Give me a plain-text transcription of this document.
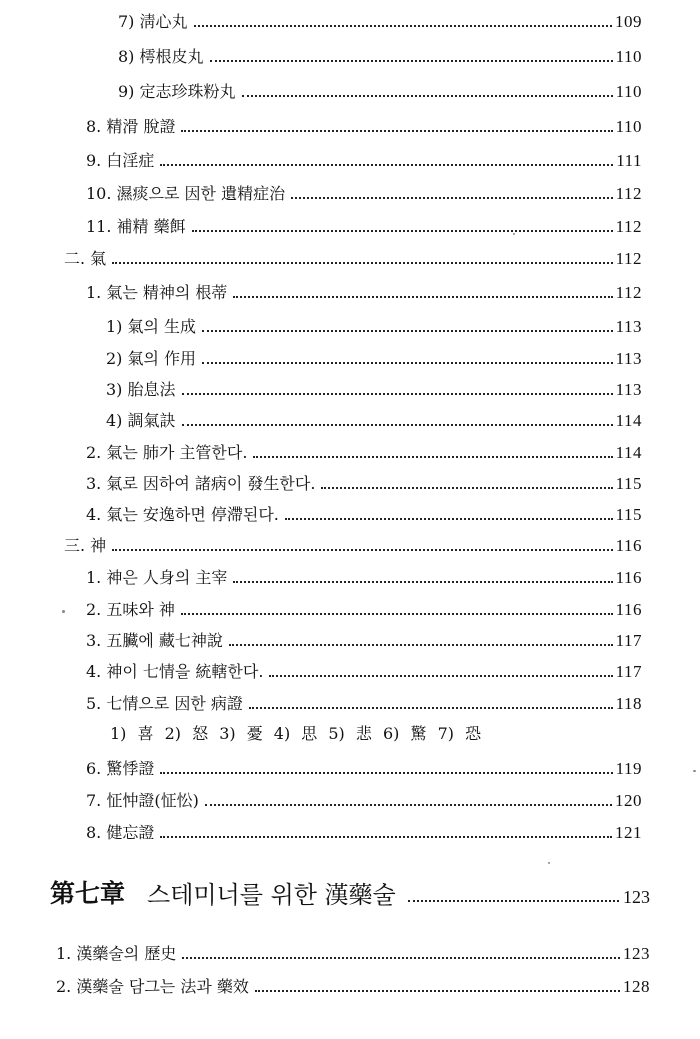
7) 淸心丸	109
8) 樗根皮丸	110
9) 定志珍珠粉丸	110
8. 精滑 脫證	110
9. 白淫症	111
10. 濕痰으로 因한 遺精症治	112
11. 補精 藥餌	112
二. 氣	112
1. 氣는 精神의 根蒂	112
1) 氣의 生成	113
2) 氣의 作用	113
3) 胎息法	113
4) 調氣訣	114
2. 氣는 肺가 主管한다.	114
3. 氣로 因하여 諸病이 發生한다.	115
4. 氣는 安逸하면 停滯된다.	115
三. 神	116
1. 神은 人身의 主宰	116
2. 五味와 神	116
3. 五臟에 藏七神說	117
4. 神이 七情을 統轄한다.	117
5. 七情으로 因한 病證	118
1) 喜 2) 怒 3) 憂 4) 思 5) 悲 6) 驚 7) 恐
6. 驚悸證	119
7. 怔忡證(怔忪)	120
8. 健忘證	121
第七章 스테미너를 위한 漢藥술	123
1. 漢藥술의 歷史	123
2. 漢藥술 담그는 法과 藥效	128
